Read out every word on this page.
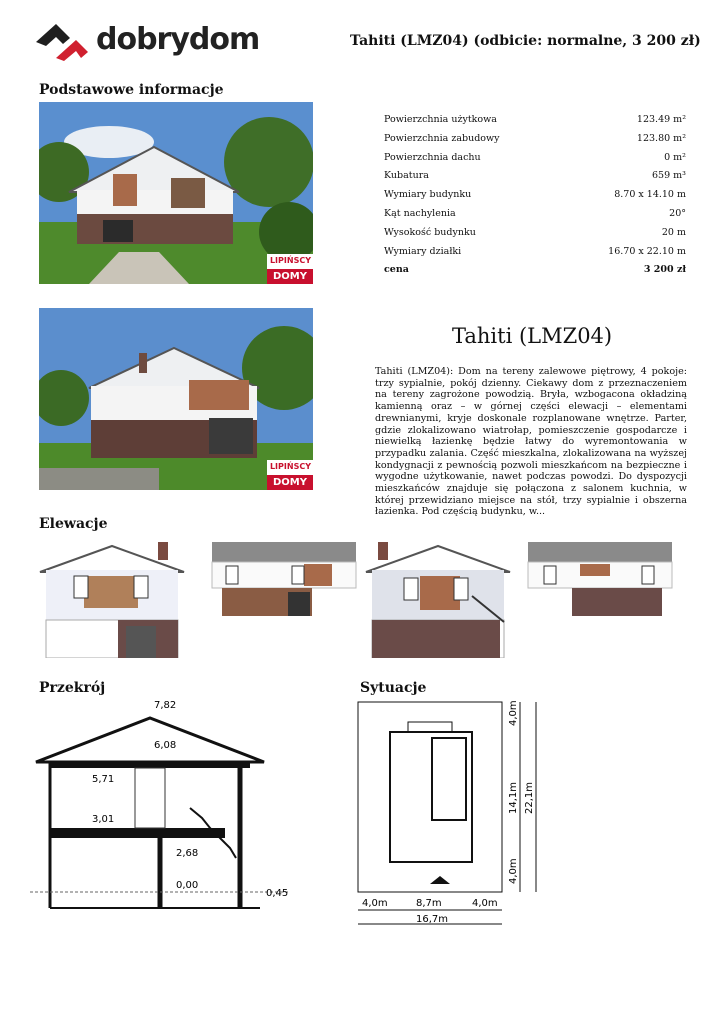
dobrydom	Tahiti (LMZ04) (odbicie: normalne, 3 200 zł)
Podstawowe informacje
LIPIŃSCY
DOMY
LIPIŃSCY
DOMY
Powierzchnia użytkowa	123.49 m²
Powierzchnia zabudowy	123.80 m²
Powierzchnia dachu	0 m²
Kubatura	659 m³
Wymiary budynku	8.70 x 14.10 m
Kąt nachylenia	20°
Wysokość budynku	20 m
Wymiary działki	16.70 x 22.10 m
cena	3 200 zł
Tahiti (LMZ04)
Tahiti (LMZ04): Dom na tereny zalewowe piętrowy, 4 pokoje: trzy sypialnie, pokój dzienny. Ciekawy dom z przeznaczeniem na tereny zagrożone powodzią. Bryła, wzbogacona okładziną kamienną oraz – w górnej części elewacji – elementami drewnianymi, kryje doskonale rozplanowane wnętrze. Parter, gdzie zlokalizowano wiatrołap, pomieszczenie gospodarcze i niewielką łazienkę będzie łatwy do wyremontowania w przypadku zalania. Część mieszkalna, zlokalizowana na wyższej kondygnacji z pewnością pozwoli mieszkańcom na bezpieczne i wygodne użytkowanie, nawet podczas powodzi. Do dyspozycji mieszkańców znajduje się połączona z salonem kuchnia, w której przewidziano miejsce na stół, trzy sypialnie i obszerna łazienka. Pod częścią budynku, w...
Elewacje
Przekrój
7,82
6,08
5,71
3,01
2,68
0,00
0,45
Sytuacje
4,0m	8,7m	4,0m
16,7m
4,0m
14,1m
4,0m
22,1m
